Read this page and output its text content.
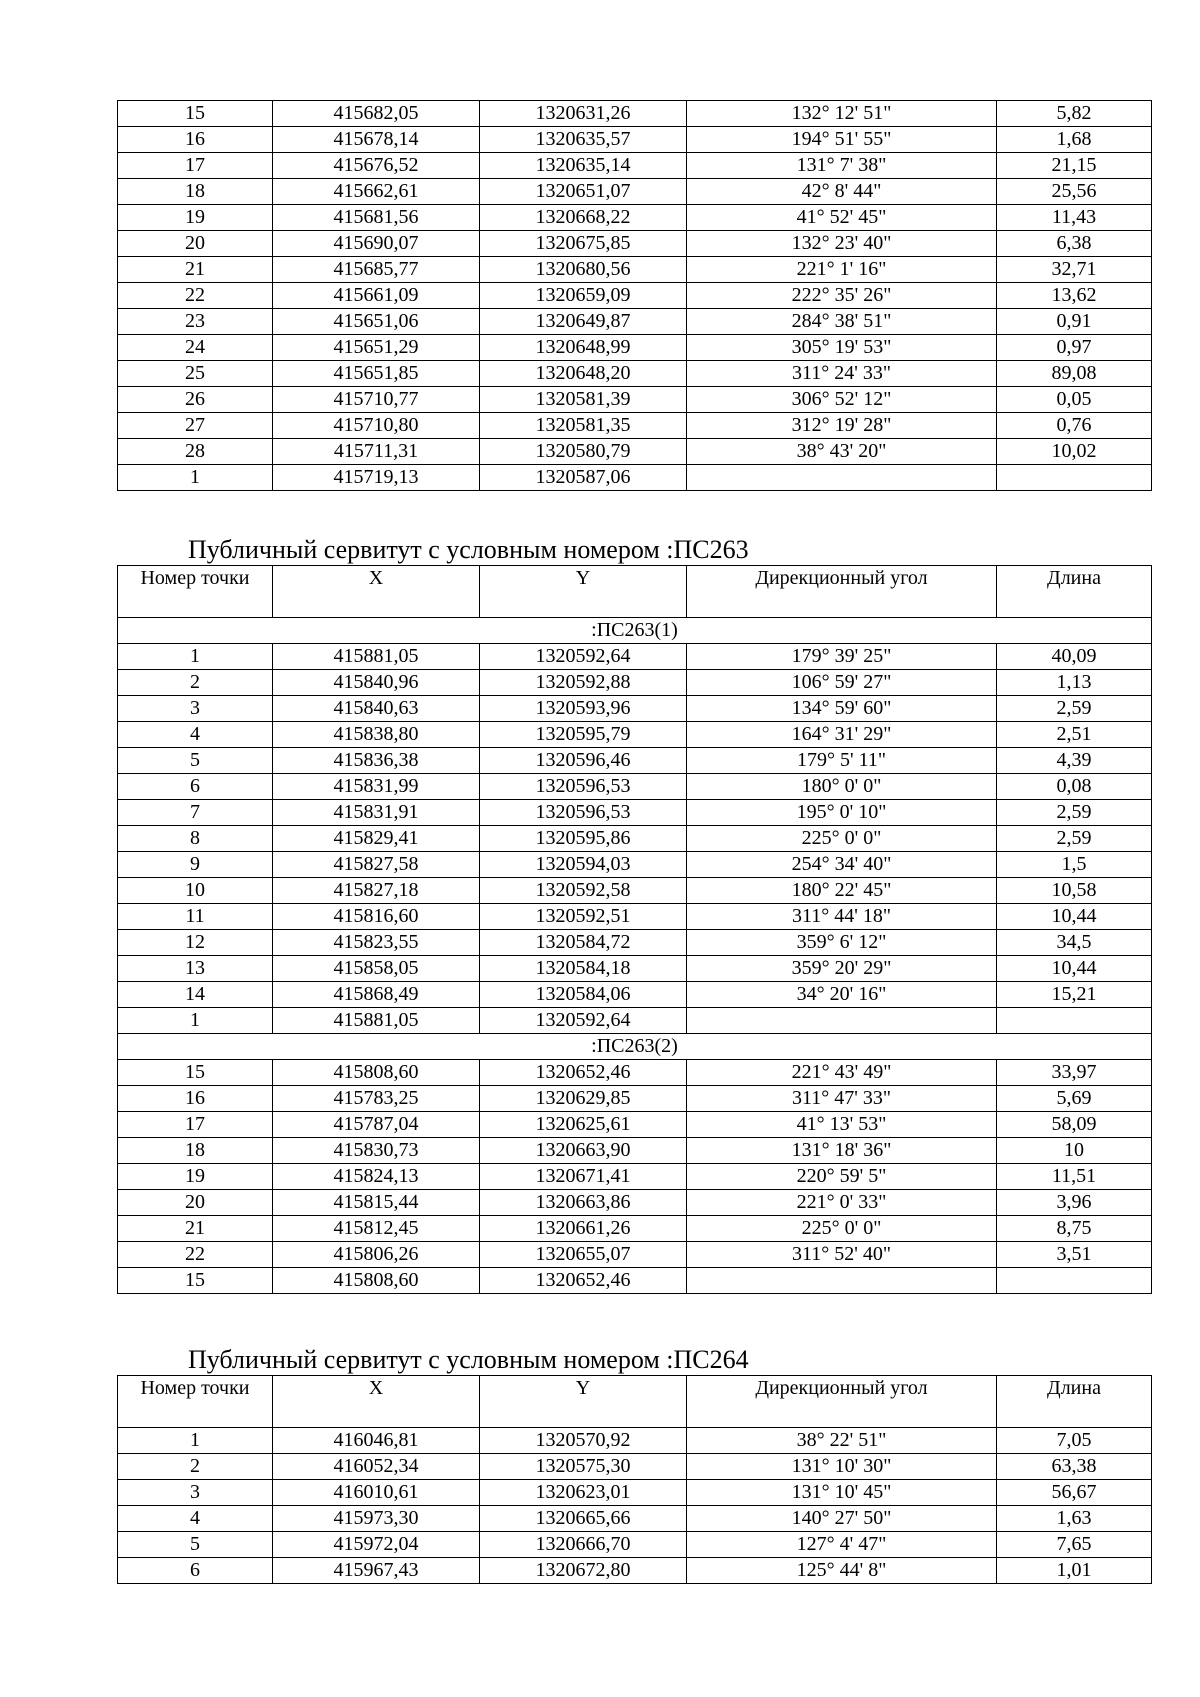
15	415682,05	1320631,26	132° 12' 51"	5,82
16	415678,14	1320635,57	194° 51' 55"	1,68
17	415676,52	1320635,14	131° 7' 38"	21,15
18	415662,61	1320651,07	42° 8' 44"	25,56
19	415681,56	1320668,22	41° 52' 45"	11,43
20	415690,07	1320675,85	132° 23' 40"	6,38
21	415685,77	1320680,56	221° 1' 16"	32,71
22	415661,09	1320659,09	222° 35' 26"	13,62
23	415651,06	1320649,87	284° 38' 51"	0,91
24	415651,29	1320648,99	305° 19' 53"	0,97
25	415651,85	1320648,20	311° 24' 33"	89,08
26	415710,77	1320581,39	306° 52' 12"	0,05
27	415710,80	1320581,35	312° 19' 28"	0,76
28	415711,31	1320580,79	38° 43' 20"	10,02
1	415719,13	1320587,06		
Публичный сервитут с условным номером :ПС263
Номер точки	X	Y	Дирекционный угол	Длина
:ПС263(1)				
1	415881,05	1320592,64	179° 39' 25"	40,09
2	415840,96	1320592,88	106° 59' 27"	1,13
3	415840,63	1320593,96	134° 59' 60"	2,59
4	415838,80	1320595,79	164° 31' 29"	2,51
5	415836,38	1320596,46	179° 5' 11"	4,39
6	415831,99	1320596,53	180° 0' 0"	0,08
7	415831,91	1320596,53	195° 0' 10"	2,59
8	415829,41	1320595,86	225° 0' 0"	2,59
9	415827,58	1320594,03	254° 34' 40"	1,5
10	415827,18	1320592,58	180° 22' 45"	10,58
11	415816,60	1320592,51	311° 44' 18"	10,44
12	415823,55	1320584,72	359° 6' 12"	34,5
13	415858,05	1320584,18	359° 20' 29"	10,44
14	415868,49	1320584,06	34° 20' 16"	15,21
1	415881,05	1320592,64		
:ПС263(2)				
15	415808,60	1320652,46	221° 43' 49"	33,97
16	415783,25	1320629,85	311° 47' 33"	5,69
17	415787,04	1320625,61	41° 13' 53"	58,09
18	415830,73	1320663,90	131° 18' 36"	10
19	415824,13	1320671,41	220° 59' 5"	11,51
20	415815,44	1320663,86	221° 0' 33"	3,96
21	415812,45	1320661,26	225° 0' 0"	8,75
22	415806,26	1320655,07	311° 52' 40"	3,51
15	415808,60	1320652,46		
Публичный сервитут с условным номером :ПС264
Номер точки	X	Y	Дирекционный угол	Длина
1	416046,81	1320570,92	38° 22' 51"	7,05
2	416052,34	1320575,30	131° 10' 30"	63,38
3	416010,61	1320623,01	131° 10' 45"	56,67
4	415973,30	1320665,66	140° 27' 50"	1,63
5	415972,04	1320666,70	127° 4' 47"	7,65
6	415967,43	1320672,80	125° 44' 8"	1,01
